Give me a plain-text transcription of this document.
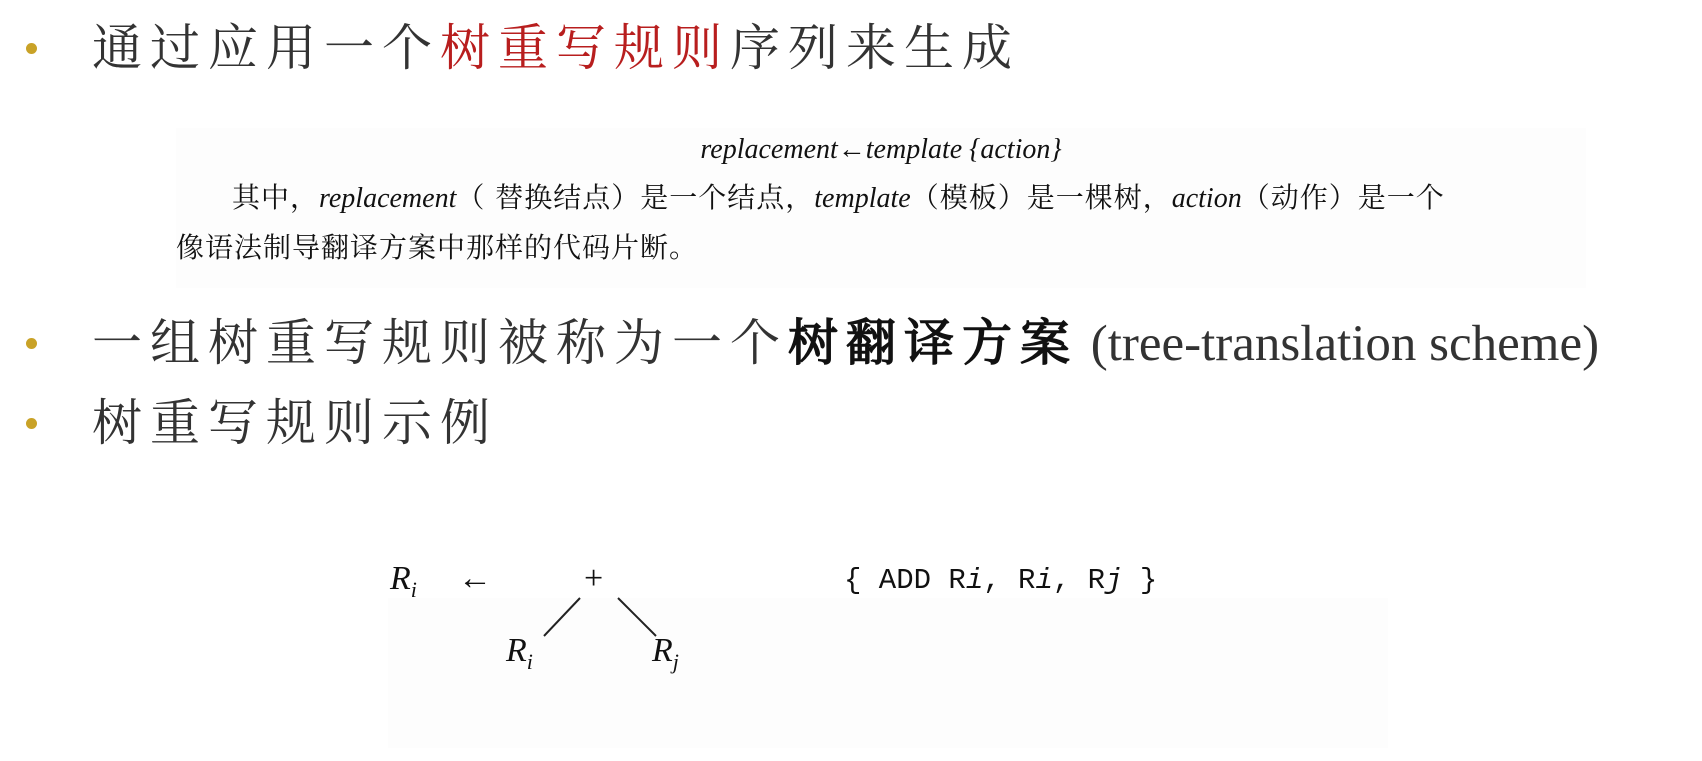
通过应用一个树重写规则序列来生成
replacement←template {action}
其中，replacement（ 替换结点）是一个结点，template（模板）是一棵树，action（动作）是一个
像语法制导翻译方案中那样的代码片断。
一组树重写规则被称为一个树翻译方案 (tree-translation scheme)
树重写规则示例
$R_i$ ←	+
$R_i$	$R_j$
{ ADD Ri, Ri, Rj }
